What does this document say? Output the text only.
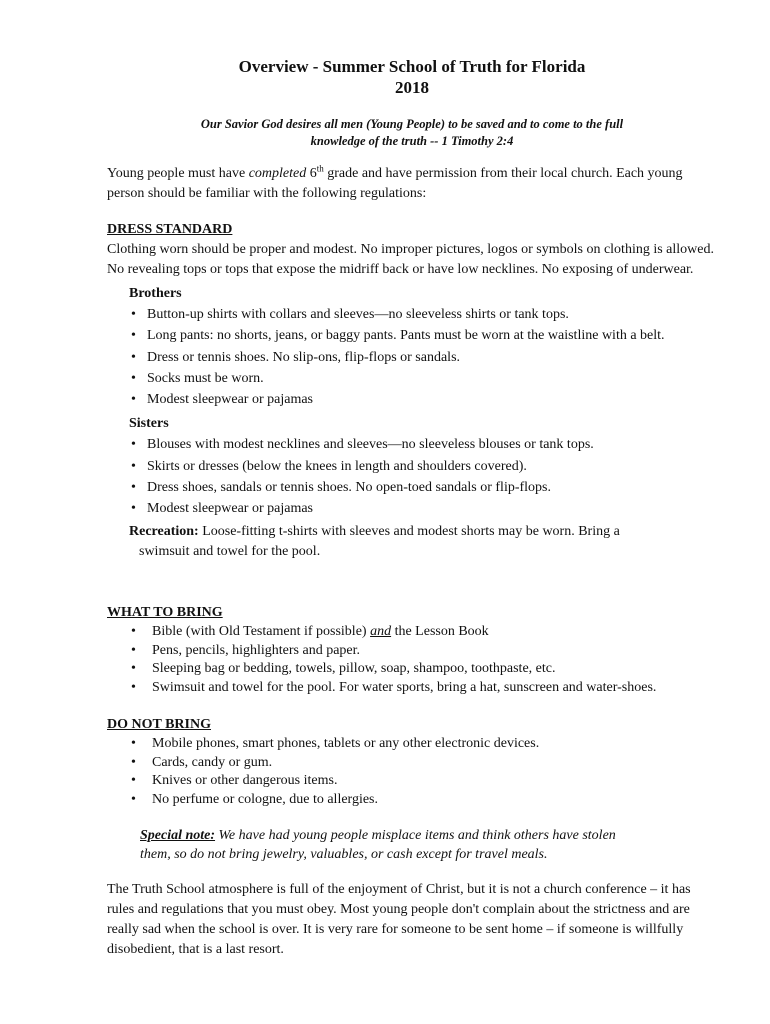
Overview - Summer School of Truth for Florida
2018
Our Savior God desires all men (Young People) to be saved and to come to the full
knowledge of the truth -- 1 Timothy 2:4
Young people must have completed 6th grade and have permission from their local church. Each young person should be familiar with the following regulations:
DRESS STANDARD
Clothing worn should be proper and modest. No improper pictures, logos or symbols on clothing is allowed. No revealing tops or tops that expose the midriff back or have low necklines. No exposing of underwear.
Brothers
• Button-up shirts with collars and sleeves—no sleeveless shirts or tank tops.
• Long pants: no shorts, jeans, or baggy pants. Pants must be worn at the waistline with a belt.
• Dress or tennis shoes. No slip-ons, flip-flops or sandals.
• Socks must be worn.
• Modest sleepwear or pajamas
Sisters
• Blouses with modest necklines and sleeves—no sleeveless blouses or tank tops.
• Skirts or dresses (below the knees in length and shoulders covered).
• Dress shoes, sandals or tennis shoes. No open-toed sandals or flip-flops.
• Modest sleepwear or pajamas
Recreation: Loose-fitting t-shirts with sleeves and modest shorts may be worn. Bring a
swimsuit and towel for the pool.
WHAT TO BRING
• Bible (with Old Testament if possible) and the Lesson Book
• Pens, pencils, highlighters and paper.
• Sleeping bag or bedding, towels, pillow, soap, shampoo, toothpaste, etc.
• Swimsuit and towel for the pool. For water sports, bring a hat, sunscreen and water-shoes.
DO NOT BRING
• Mobile phones, smart phones, tablets or any other electronic devices.
• Cards, candy or gum.
• Knives or other dangerous items.
• No perfume or cologne, due to allergies.
Special note: We have had young people misplace items and think others have stolen
them, so do not bring jewelry, valuables, or cash except for travel meals.
The Truth School atmosphere is full of the enjoyment of Christ, but it is not a church conference – it has rules and regulations that you must obey. Most young people don't complain about the strictness and are really sad when the school is over. It is very rare for someone to be sent home – if someone is willfully disobedient, that is a last resort.
